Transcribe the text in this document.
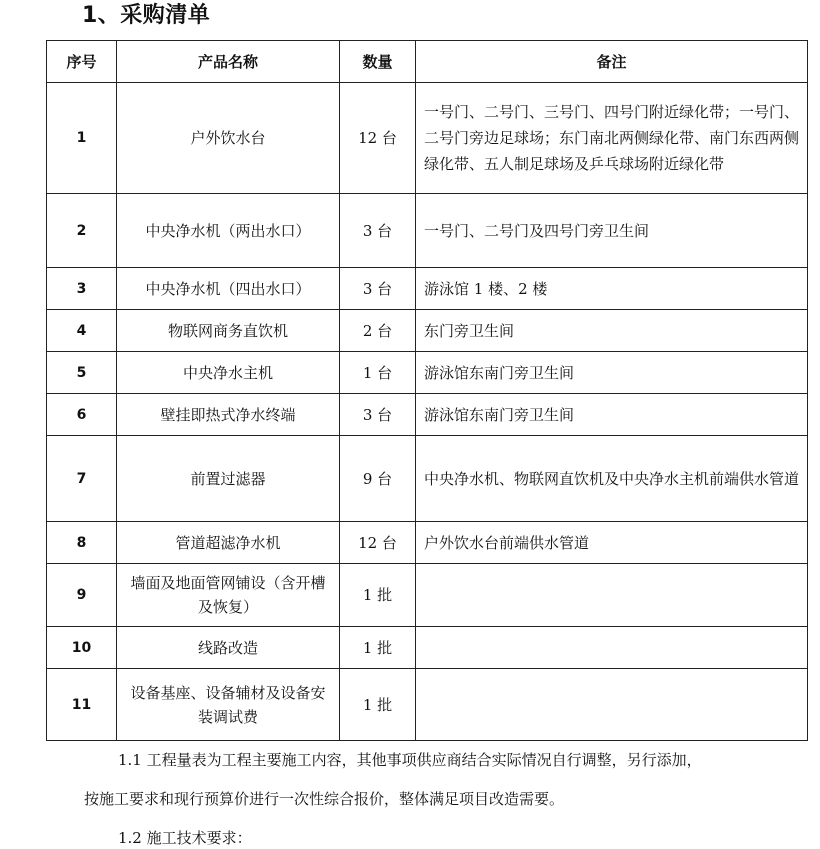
1、采购清单
序号	产品名称	数量	备注
1	户外饮水台	12 台	一号门、二号门、三号门、四号门附近绿化带；一号门、二号门旁边足球场；东门南北两侧绿化带、南门东西两侧绿化带、五人制足球场及乒乓球场附近绿化带
2	中央净水机（两出水口）	3 台	一号门、二号门及四号门旁卫生间
3	中央净水机（四出水口）	3 台	游泳馆 1 楼、2 楼
4	物联网商务直饮机	2 台	东门旁卫生间
5	中央净水主机	1 台	游泳馆东南门旁卫生间
6	壁挂即热式净水终端	3 台	游泳馆东南门旁卫生间
7	前置过滤器	9 台	中央净水机、物联网直饮机及中央净水主机前端供水管道
8	管道超滤净水机	12 台	户外饮水台前端供水管道
9	墙面及地面管网铺设（含开槽及恢复）	1 批	
10	线路改造	1 批	
11	设备基座、设备辅材及设备安装调试费	1 批	
1.1 工程量表为工程主要施工内容，其他事项供应商结合实际情况自行调整，另行添加，
按施工要求和现行预算价进行一次性综合报价，整体满足项目改造需要。
1.2 施工技术要求：
